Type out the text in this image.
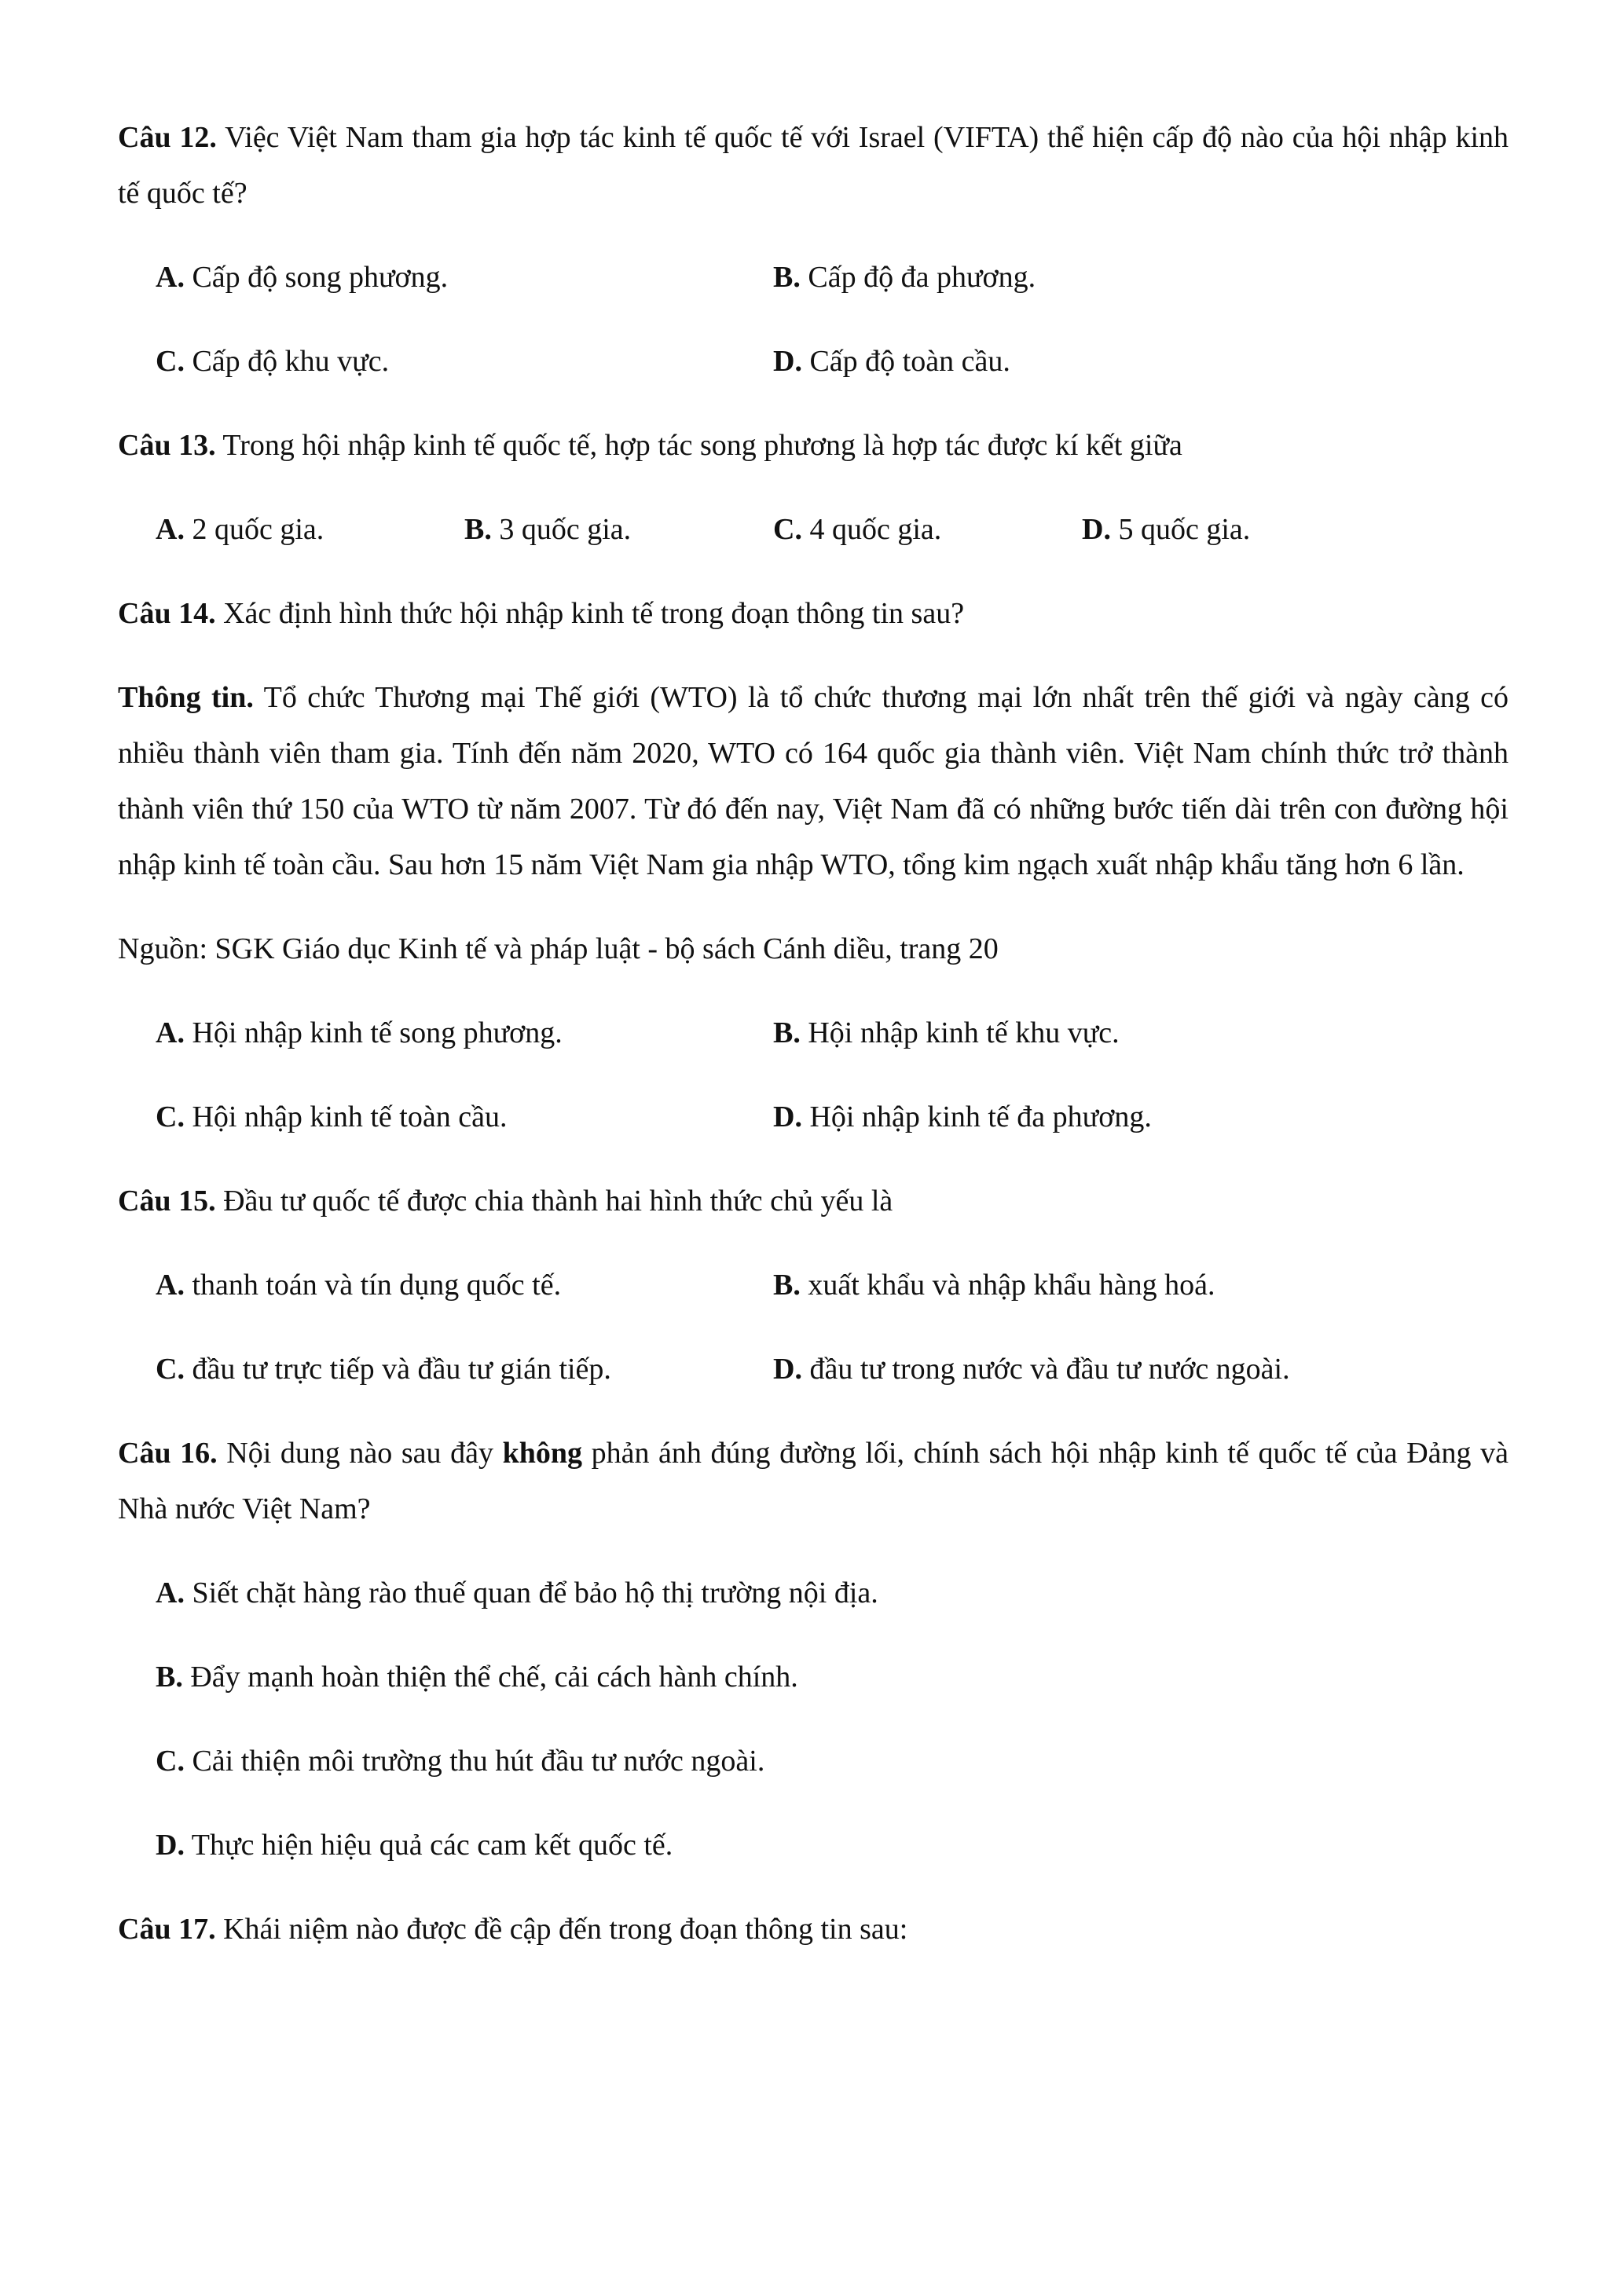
Câu 12. Việc Việt Nam tham gia hợp tác kinh tế quốc tế với Israel (VIFTA) thể hiện cấp độ nào của hội nhập kinh tế quốc tế?

A. Cấp độ song phương.	B. Cấp độ đa phương.
C. Cấp độ khu vực.	D. Cấp độ toàn cầu.

Câu 13. Trong hội nhập kinh tế quốc tế, hợp tác song phương là hợp tác được kí kết giữa

A. 2 quốc gia.	B. 3 quốc gia.	C. 4 quốc gia.	D. 5 quốc gia.

Câu 14. Xác định hình thức hội nhập kinh tế trong đoạn thông tin sau?

Thông tin. Tổ chức Thương mại Thế giới (WTO) là tổ chức thương mại lớn nhất trên thế giới và ngày càng có nhiều thành viên tham gia. Tính đến năm 2020, WTO có 164 quốc gia thành viên. Việt Nam chính thức trở thành thành viên thứ 150 của WTO từ năm 2007. Từ đó đến nay, Việt Nam đã có những bước tiến dài trên con đường hội nhập kinh tế toàn cầu. Sau hơn 15 năm Việt Nam gia nhập WTO, tổng kim ngạch xuất nhập khẩu tăng hơn 6 lần.

Nguồn: SGK Giáo dục Kinh tế và pháp luật - bộ sách Cánh diều, trang 20

A. Hội nhập kinh tế song phương.	B. Hội nhập kinh tế khu vực.
C. Hội nhập kinh tế toàn cầu.	D. Hội nhập kinh tế đa phương.

Câu 15. Đầu tư quốc tế được chia thành hai hình thức chủ yếu là

A. thanh toán và tín dụng quốc tế.	B. xuất khẩu và nhập khẩu hàng hoá.
C. đầu tư trực tiếp và đầu tư gián tiếp.	D. đầu tư trong nước và đầu tư nước ngoài.

Câu 16. Nội dung nào sau đây không phản ánh đúng đường lối, chính sách hội nhập kinh tế quốc tế của Đảng và Nhà nước Việt Nam?

A. Siết chặt hàng rào thuế quan để bảo hộ thị trường nội địa.
B. Đẩy mạnh hoàn thiện thể chế, cải cách hành chính.
C. Cải thiện môi trường thu hút đầu tư nước ngoài.
D. Thực hiện hiệu quả các cam kết quốc tế.

Câu 17. Khái niệm nào được đề cập đến trong đoạn thông tin sau:
